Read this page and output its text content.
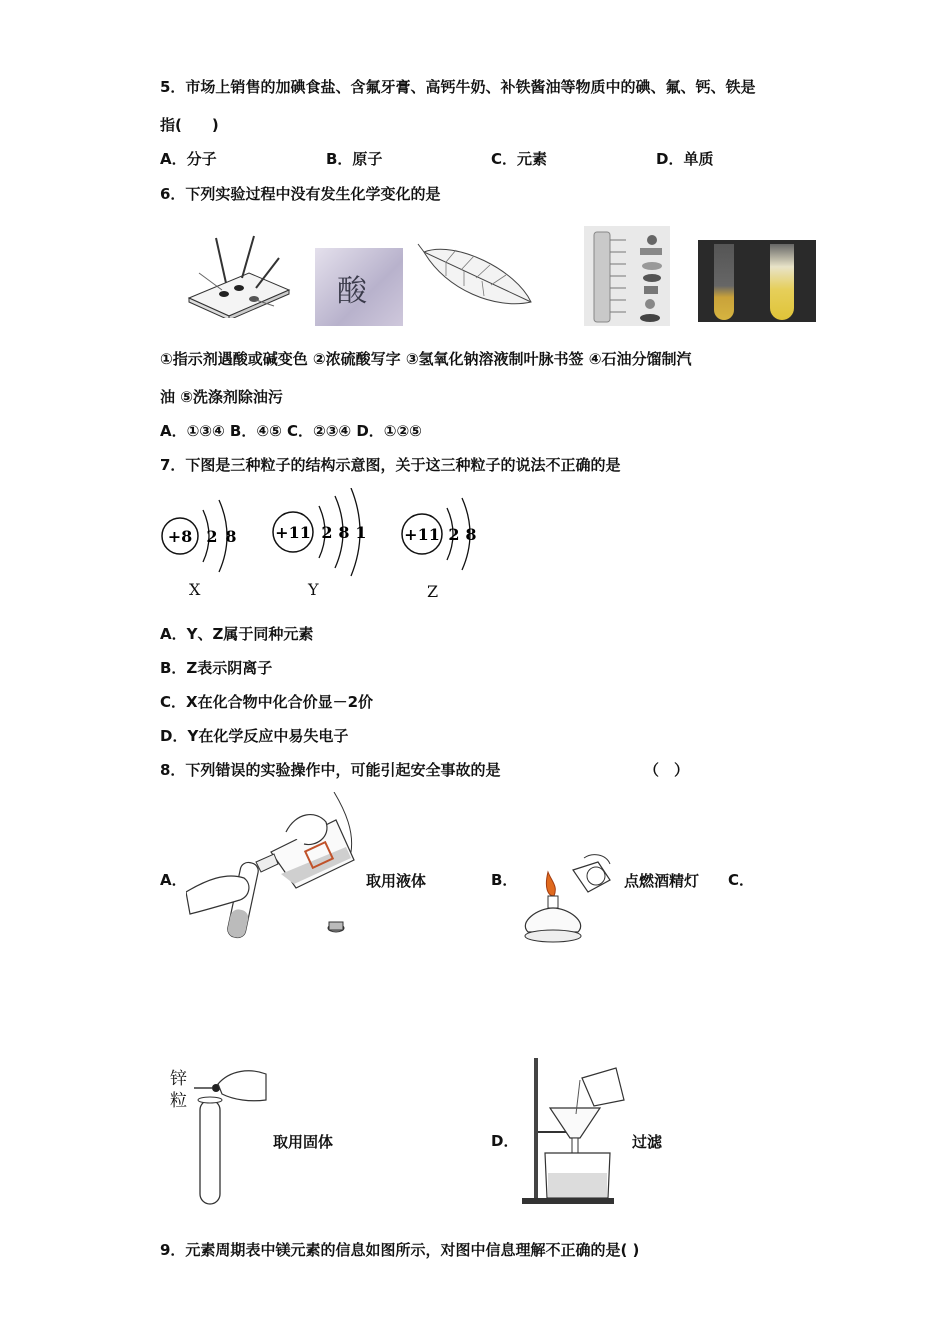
5．市场上销售的加碘食盐、含氟牙膏、高钙牛奶、补铁酱油等物质中的碘、氟、钙、铁是
指(　　)
A．分子	B．原子	C．元素	D．单质
6．下列实验过程中没有发生化学变化的是
酸
①指示剂遇酸或碱变色 ②浓硫酸写字 ③氢氧化钠溶液制叶脉书签 ④石油分馏制汽
油 ⑤洗涤剂除油污
A．①③④ B．④⑤ C．②③④ D．①②⑤
7．下图是三种粒子的结构示意图，关于这三种粒子的说法不正确的是
+8 2 8 +11 2 8 1 +11 2 8
X	Y	Z
A．Y、Z属于同种元素
B．Z表示阴离子
C．X在化合物中化合价显－2价
D．Y在化学反应中易失电子
8．下列错误的实验操作中，可能引起安全事故的是	（　）
A．	取用液体	B．	点燃酒精灯 C．
锌
粒
取用固体	D．	过滤
9．元素周期表中镁元素的信息如图所示，对图中信息理解不正确的是( )
